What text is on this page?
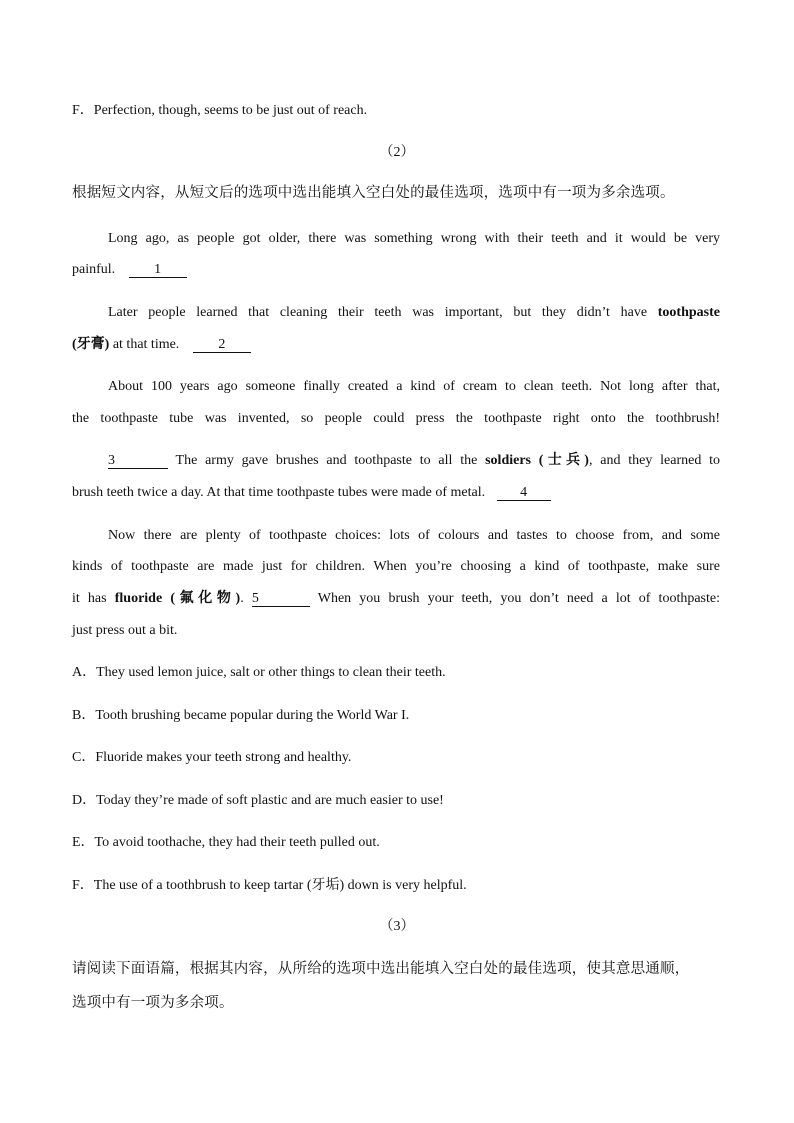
F．Perfection, though, seems to be just out of reach.
（2）
根据短文内容，从短文后的选项中选出能填入空白处的最佳选项，选项中有一项为多余选项。
Long ago, as people got older, there was something wrong with their teeth and it would be very
painful.	1
Later people learned that cleaning their teeth was important, but they didn’t have toothpaste
(牙膏) at that time.	2
About 100 years ago someone finally created a kind of cream to clean teeth. Not long after that,
the toothpaste tube was invented, so people could press the toothpaste right onto the toothbrush!
3	The army gave brushes and toothpaste to all the soldiers (士兵), and they learned to
brush teeth twice a day. At that time toothpaste tubes were made of metal.	4
Now there are plenty of toothpaste choices: lots of colours and tastes to choose from, and some
kinds of toothpaste are made just for children. When you’re choosing a kind of toothpaste, make sure
it has fluoride (氟化物). 5	When you brush your teeth, you don’t need a lot of toothpaste:
just press out a bit.
A．They used lemon juice, salt or other things to clean their teeth.
B．Tooth brushing became popular during the World War I.
C．Fluoride makes your teeth strong and healthy.
D．Today they’re made of soft plastic and are much easier to use!
E．To avoid toothache, they had their teeth pulled out.
F．The use of a toothbrush to keep tartar (牙垢) down is very helpful.
（3）
请阅读下面语篇，根据其内容，从所给的选项中选出能填入空白处的最佳选项，使其意思通顺，
选项中有一项为多余项。
